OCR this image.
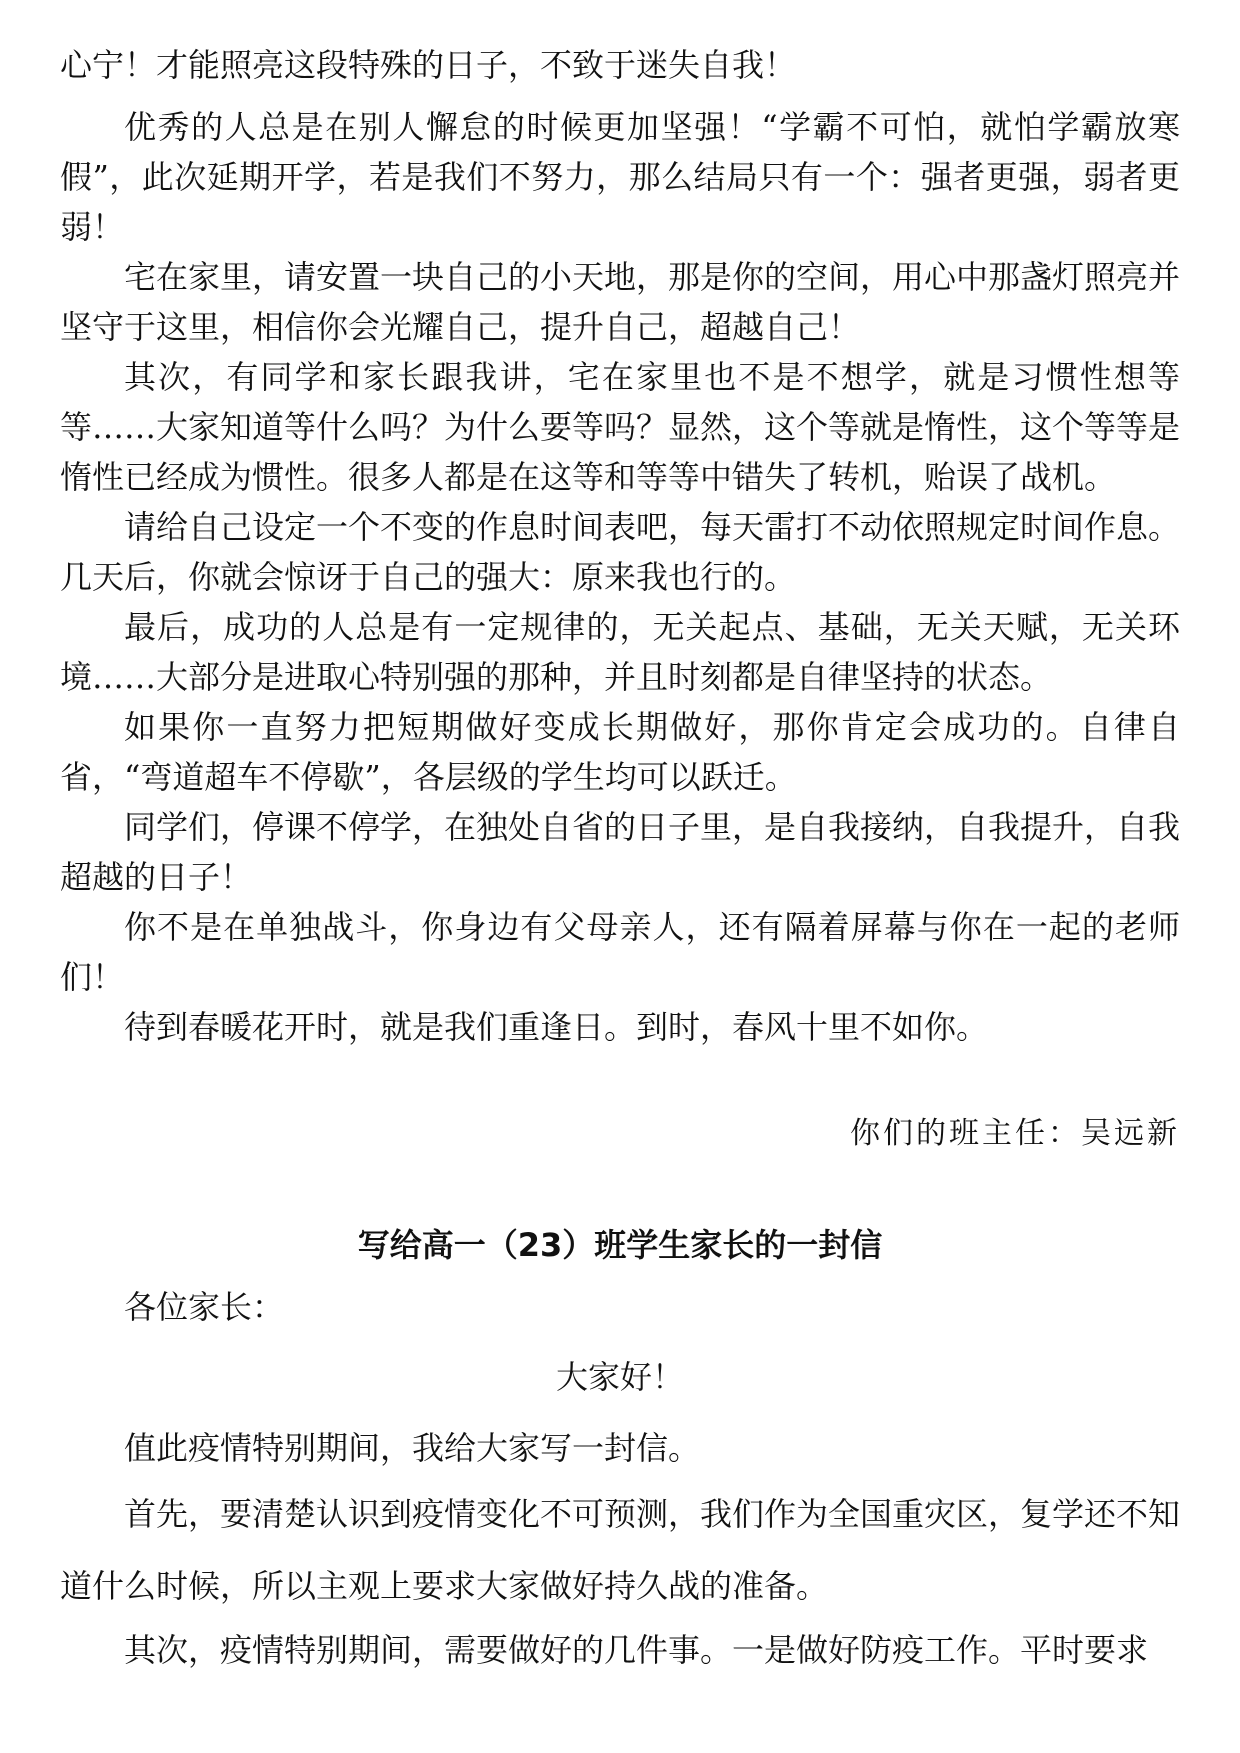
心宁！才能照亮这段特殊的日子，不致于迷失自我！

优秀的人总是在别人懈怠的时候更加坚强！“学霸不可怕，就怕学霸放寒假”，此次延期开学，若是我们不努力，那么结局只有一个：强者更强，弱者更弱！

宅在家里，请安置一块自己的小天地，那是你的空间，用心中那盏灯照亮并坚守于这里，相信你会光耀自己，提升自己，超越自己！

其次，有同学和家长跟我讲，宅在家里也不是不想学，就是习惯性想等等……大家知道等什么吗？为什么要等吗？显然，这个等就是惰性，这个等等是惰性已经成为惯性。很多人都是在这等和等等中错失了转机，贻误了战机。

请给自己设定一个不变的作息时间表吧，每天雷打不动依照规定时间作息。几天后，你就会惊讶于自己的强大：原来我也行的。

最后，成功的人总是有一定规律的，无关起点、基础，无关天赋，无关环境……大部分是进取心特别强的那种，并且时刻都是自律坚持的状态。

如果你一直努力把短期做好变成长期做好，那你肯定会成功的。自律自省，“弯道超车不停歇”，各层级的学生均可以跃迁。

同学们，停课不停学，在独处自省的日子里，是自我接纳，自我提升，自我超越的日子！

你不是在单独战斗，你身边有父母亲人，还有隔着屏幕与你在一起的老师们！

待到春暖花开时，就是我们重逢日。到时，春风十里不如你。

你们的班主任：吴远新
写给高一（23）班学生家长的一封信
各位家长：
大家好！

值此疫情特别期间，我给大家写一封信。

首先，要清楚认识到疫情变化不可预测，我们作为全国重灾区，复学还不知道什么时候，所以主观上要求大家做好持久战的准备。

其次，疫情特别期间，需要做好的几件事。一是做好防疫工作。平时要求
